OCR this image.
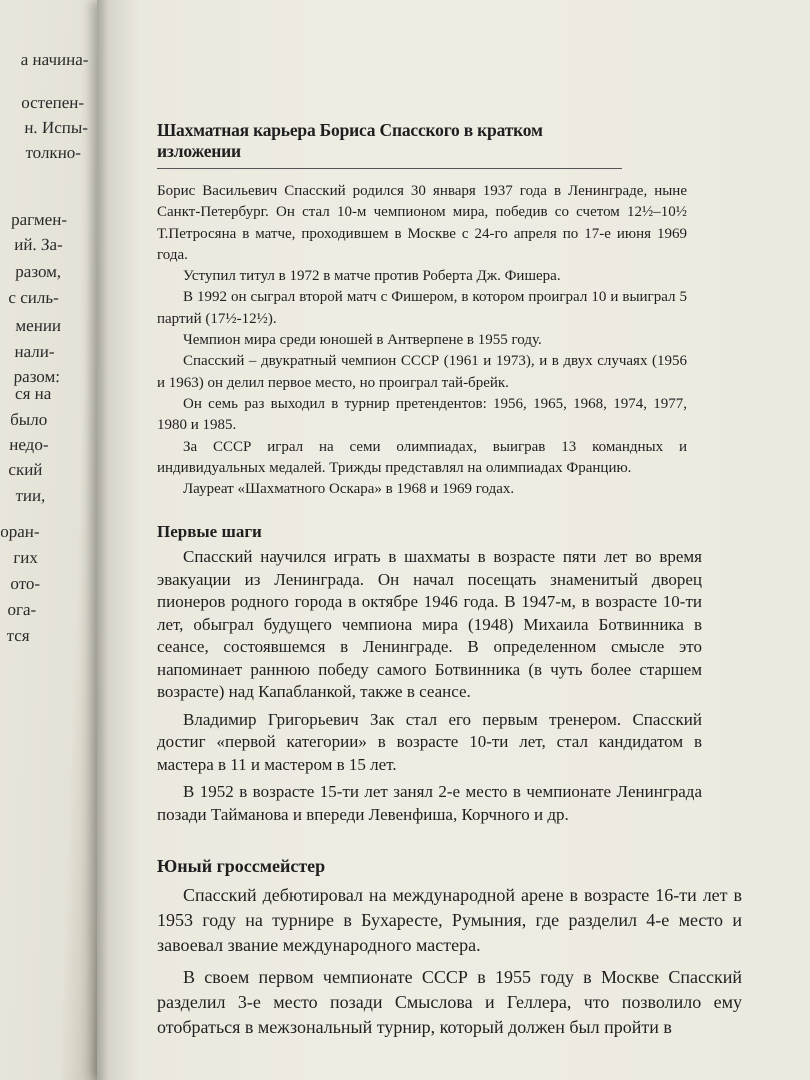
а начина-
остепен-
н. Испы-
толкно-
рагмен-
ий. За-
разом,
с силь-
мении
нали-
разом:
ся на
было
недо-
ский
тии,
оран-
гих
ото-
ога-
тся
Шахматная карьера Бориса Спасского в кратком изложении

Борис Васильевич Спасский родился 30 января 1937 года в Ленинграде, ныне Санкт-Петербург. Он стал 10-м чемпионом мира, победив со счетом 12½–10½ Т.Петросяна в матче, проходившем в Москве с 24-го апреля по 17-е июня 1969 года.

Уступил титул в 1972 в матче против Роберта Дж. Фишера.

В 1992 он сыграл второй матч с Фишером, в котором проиграл 10 и выиграл 5 партий (17½-12½).

Чемпион мира среди юношей в Антверпене в 1955 году.

Спасский – двукратный чемпион СССР (1961 и 1973), и в двух случаях (1956 и 1963) он делил первое место, но проиграл тай-брейк.

Он семь раз выходил в турнир претендентов: 1956, 1965, 1968, 1974, 1977, 1980 и 1985.

За СССР играл на семи олимпиадах, выиграв 13 командных и индивидуальных медалей. Трижды представлял на олимпиадах Францию.

Лауреат «Шахматного Оскара» в 1968 и 1969 годах.

Первые шаги

Спасский научился играть в шахматы в возрасте пяти лет во время эвакуации из Ленинграда. Он начал посещать знаменитый дворец пионеров родного города в октябре 1946 года. В 1947-м, в возрасте 10-ти лет, обыграл будущего чемпиона мира (1948) Михаила Ботвинника в сеансе, состоявшемся в Ленинграде. В определенном смысле это напоминает раннюю победу самого Ботвинника (в чуть более старшем возрасте) над Капабланкой, также в сеансе.

Владимир Григорьевич Зак стал его первым тренером. Спасский достиг «первой категории» в возрасте 10-ти лет, стал кандидатом в мастера в 11 и мастером в 15 лет.

В 1952 в возрасте 15-ти лет занял 2-е место в чемпионате Ленинграда позади Тайманова и впереди Левенфиша, Корчного и др.

Юный гроссмейстер

Спасский дебютировал на международной арене в возрасте 16-ти лет в 1953 году на турнире в Бухаресте, Румыния, где разделил 4-е место и завоевал звание международного мастера.

В своем первом чемпионате СССР в 1955 году в Москве Спасский разделил 3-е место позади Смыслова и Геллера, что позволило ему отобраться в межзональный турнир, который должен был пройти в
